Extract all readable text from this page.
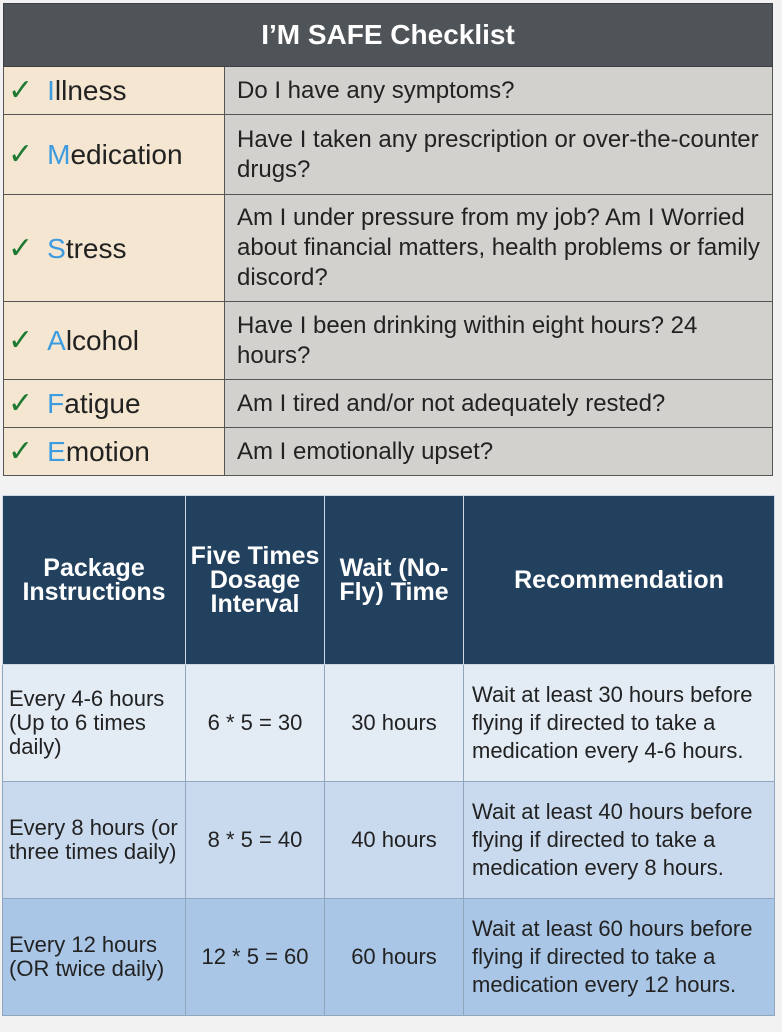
I’M SAFE Checklist	
✓ Illness	Do I have any symptoms?
✓ Medication	Have I taken any prescription or over-the-counter drugs?
✓ Stress	Am I under pressure from my job? Am I Worried about financial matters, health problems or family discord?
✓ Alcohol	Have I been drinking within eight hours? 24 hours?
✓ Fatigue	Am I tired and/or not adequately rested?
✓ Emotion	Am I emotionally upset?
Package Instructions	Five Times Dosage Interval	Wait (No-Fly) Time	Recommendation
Every 4-6 hours (Up to 6 times daily)	6 * 5 = 30	30 hours	Wait at least 30 hours before flying if directed to take a medication every 4-6 hours.
Every 8 hours (or three times daily)	8 * 5 = 40	40 hours	Wait at least 40 hours before flying if directed to take a medication every 8 hours.
Every 12 hours (OR twice daily)	12 * 5 = 60	60 hours	Wait at least 60 hours before flying if directed to take a medication every 12 hours.
